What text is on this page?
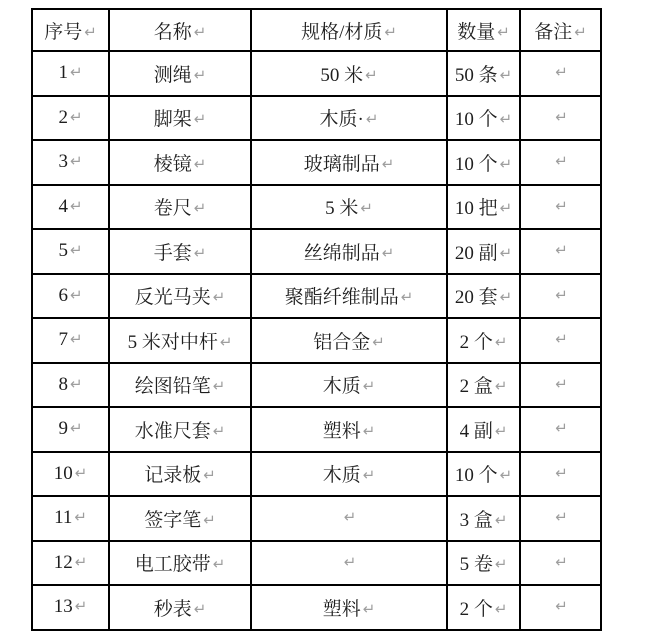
序号 ↵	名称 ↵	规格/材质 ↵	数量 ↵	备注 ↵
1 ↵	测绳 ↵	50 米 ↵	50 条 ↵	↵
2 ↵	脚架 ↵	木质· ↵	10 个 ↵	↵
3 ↵	棱镜 ↵	玻璃制品 ↵	10 个 ↵	↵
4 ↵	卷尺 ↵	5 米 ↵	10 把 ↵	↵
5 ↵	手套 ↵	丝绵制品 ↵	20 副 ↵	↵
6 ↵	反光马夹 ↵	聚酯纤维制品 ↵	20 套 ↵	↵
7 ↵	5 米对中杆 ↵	铝合金 ↵	2 个 ↵	↵
8 ↵	绘图铅笔 ↵	木质 ↵	2 盒 ↵	↵
9 ↵	水准尺套 ↵	塑料 ↵	4 副 ↵	↵
10 ↵	记录板 ↵	木质 ↵	10 个 ↵	↵
11 ↵	签字笔 ↵	↵	3 盒 ↵	↵
12 ↵	电工胶带 ↵	↵	5 卷 ↵	↵
13 ↵	秒表 ↵	塑料 ↵	2 个 ↵	↵
